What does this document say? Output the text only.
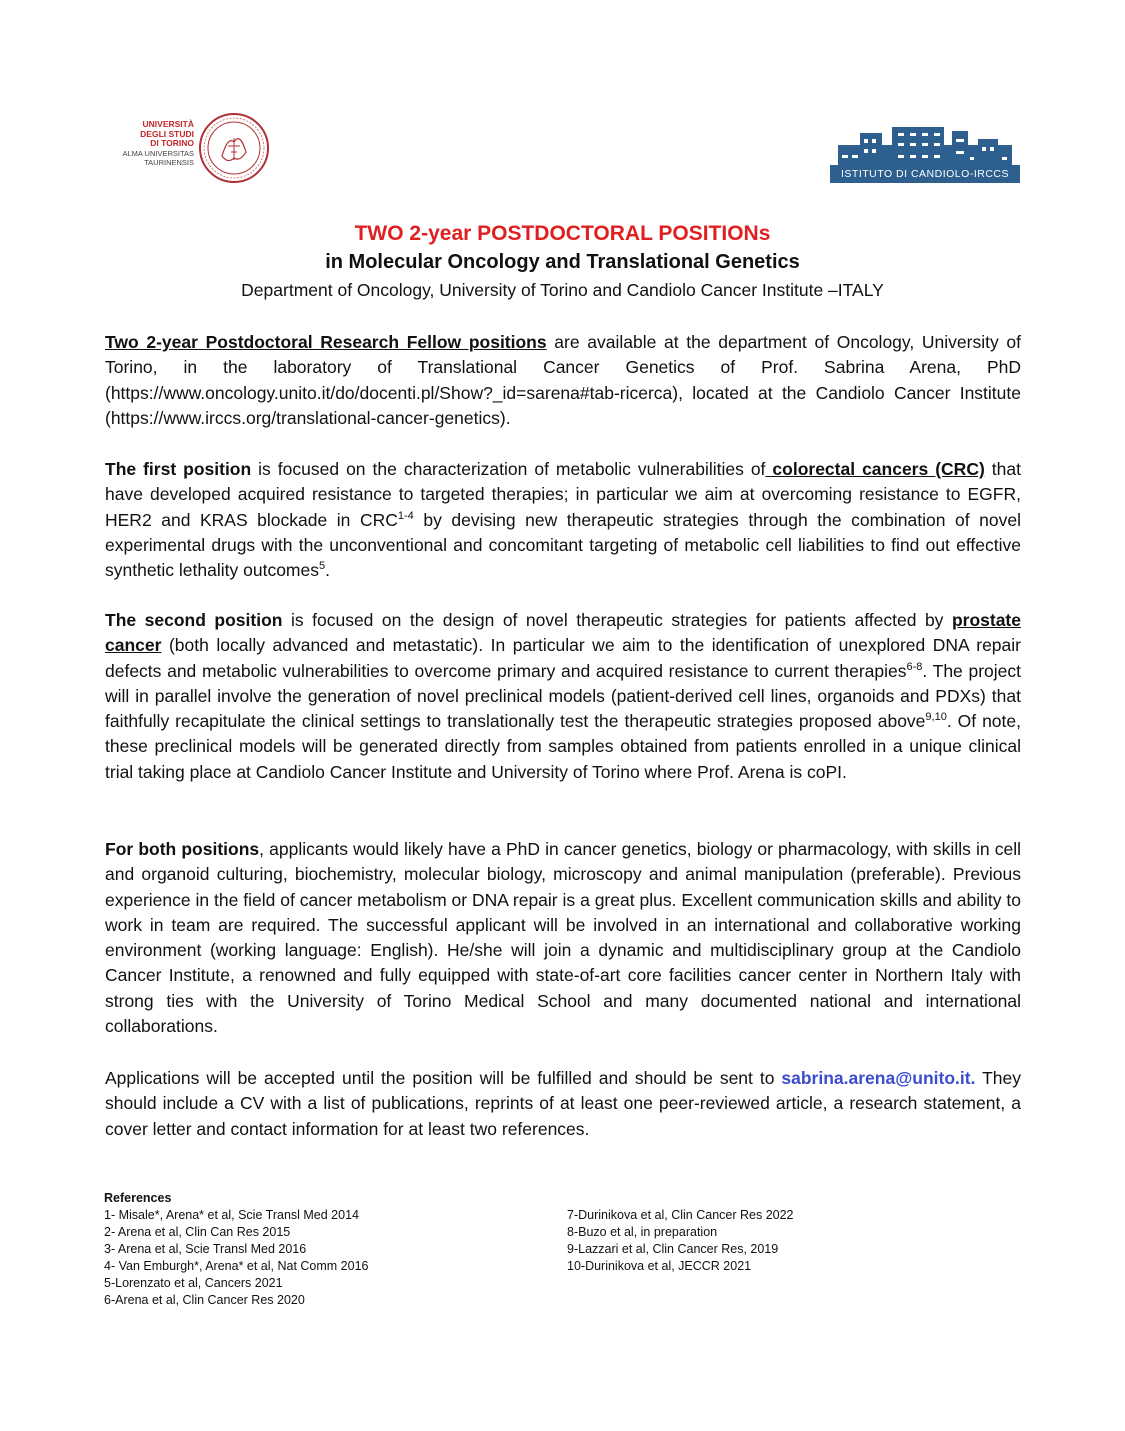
UNIVERSITÀ
DEGLI STUDI
DI TORINO
ALMA UNIVERSITAS
TAURINENSIS
ISTITUTO DI CANDIOLO-IRCCS
TWO 2-year POSTDOCTORAL POSITIONs
in Molecular Oncology and Translational Genetics
Department of Oncology, University of Torino and Candiolo Cancer Institute –ITALY
Two 2-year Postdoctoral Research Fellow positions are available at the department of Oncology, University of Torino, in the laboratory of Translational Cancer Genetics of Prof. Sabrina Arena, PhD (https://www.oncology.unito.it/do/docenti.pl/Show?_id=sarena#tab-ricerca), located at the Candiolo Cancer Institute (https://www.irccs.org/translational-cancer-genetics).
The first position is focused on the characterization of metabolic vulnerabilities of colorectal cancers (CRC) that have developed acquired resistance to targeted therapies; in particular we aim at overcoming resistance to EGFR, HER2 and KRAS blockade in CRC$^{1-4}$ by devising new therapeutic strategies through the combination of novel experimental drugs with the unconventional and concomitant targeting of metabolic cell liabilities to find out effective synthetic lethality outcomes$^5$.
The second position is focused on the design of novel therapeutic strategies for patients affected by prostate cancer (both locally advanced and metastatic). In particular we aim to the identification of unexplored DNA repair defects and metabolic vulnerabilities to overcome primary and acquired resistance to current therapies$^{6-8}$. The project will in parallel involve the generation of novel preclinical models (patient-derived cell lines, organoids and PDXs) that faithfully recapitulate the clinical settings to translationally test the therapeutic strategies proposed above$^{9,10}$. Of note, these preclinical models will be generated directly from samples obtained from patients enrolled in a unique clinical trial taking place at Candiolo Cancer Institute and University of Torino where Prof. Arena is coPI.
For both positions, applicants would likely have a PhD in cancer genetics, biology or pharmacology, with skills in cell and organoid culturing, biochemistry, molecular biology, microscopy and animal manipulation (preferable). Previous experience in the field of cancer metabolism or DNA repair is a great plus. Excellent communication skills and ability to work in team are required. The successful applicant will be involved in an international and collaborative working environment (working language: English). He/she will join a dynamic and multidisciplinary group at the Candiolo Cancer Institute, a renowned and fully equipped with state-of-art core facilities cancer center in Northern Italy with strong ties with the University of Torino Medical School and many documented national and international collaborations.
Applications will be accepted until the position will be fulfilled and should be sent to sabrina.arena@unito.it. They should include a CV with a list of publications, reprints of at least one peer-reviewed article, a research statement, a cover letter and contact information for at least two references.
References
1- Misale*, Arena* et al, Scie Transl Med 2014
2- Arena et al, Clin Can Res 2015
3- Arena et al, Scie Transl Med 2016
4- Van Emburgh*, Arena* et al, Nat Comm 2016
5-Lorenzato et al, Cancers 2021
6-Arena et al, Clin Cancer Res 2020
7-Durinikova et al, Clin Cancer Res 2022
8-Buzo et al, in preparation
9-Lazzari et al, Clin Cancer Res, 2019
10-Durinikova et al, JECCR 2021
